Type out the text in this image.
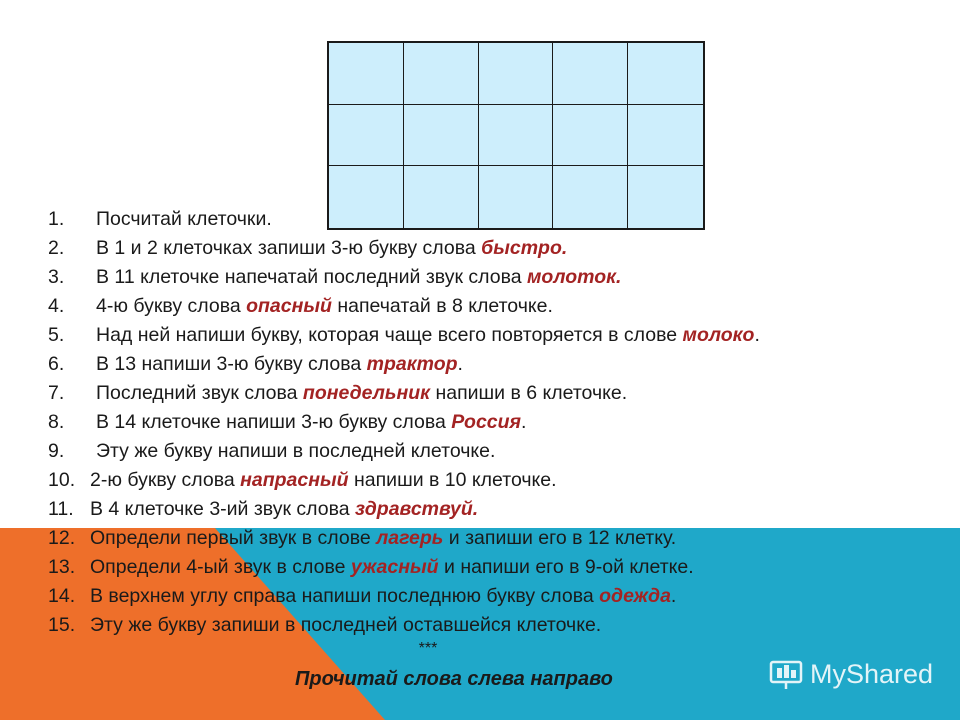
1. Посчитай клеточки.
2. В 1 и 2 клеточках запиши 3-ю букву слова быстро.
3. В 11 клеточке напечатай последний звук слова молоток.
4. 4-ю букву слова опасный напечатай в 8 клеточке.
5. Над ней напиши букву, которая чаще всего повторяется в слове молоко.
6. В 13 напиши 3-ю букву слова трактор.
7. Последний звук слова понедельник напиши в 6 клеточке.
8. В 14 клеточке напиши 3-ю букву слова Россия.
9. Эту же букву напиши в последней клеточке.
10. 2-ю букву слова напрасный напиши в 10 клеточке.
11. В 4 клеточке 3-ий звук слова здравствуй.
12. Определи первый звук в слове лагерь и запиши его в 12 клетку.
13. Определи 4-ый звук в слове ужасный и напиши его в 9-ой клетке.
14. В верхнем углу справа напиши последнюю букву слова одежда.
15. Эту же букву запиши в последней оставшейся клеточке.
***
Прочитай слова слева направо	MyShared
